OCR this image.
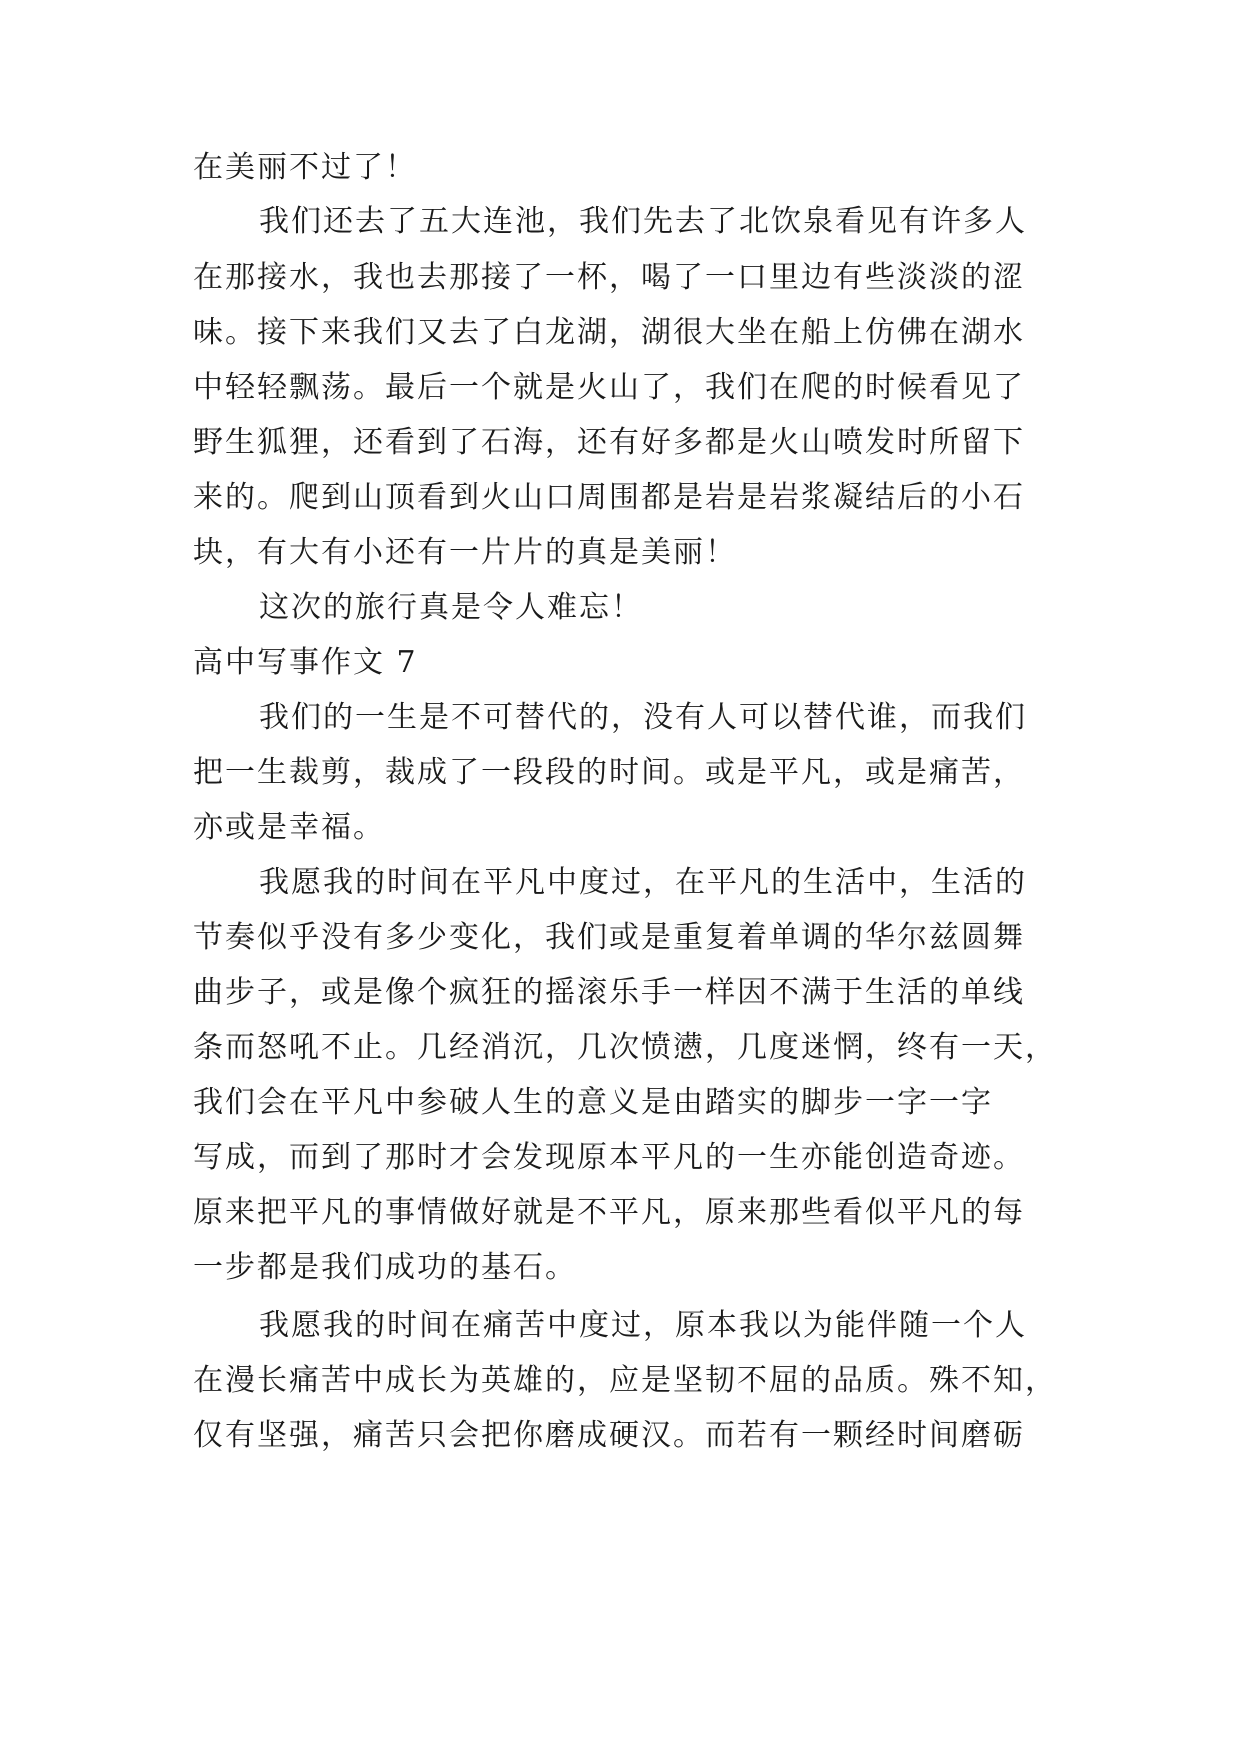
在美丽不过了！
我们还去了五大连池，我们先去了北饮泉看见有许多人
在那接水，我也去那接了一杯，喝了一口里边有些淡淡的涩
味。接下来我们又去了白龙湖，湖很大坐在船上仿佛在湖水
中轻轻飘荡。最后一个就是火山了，我们在爬的时候看见了
野生狐狸，还看到了石海，还有好多都是火山喷发时所留下
来的。爬到山顶看到火山口周围都是岩是岩浆凝结后的小石
块，有大有小还有一片片的真是美丽！
这次的旅行真是令人难忘！
高中写事作文 7
我们的一生是不可替代的，没有人可以替代谁，而我们
把一生裁剪，裁成了一段段的时间。或是平凡，或是痛苦，
亦或是幸福。
我愿我的时间在平凡中度过，在平凡的生活中，生活的
节奏似乎没有多少变化，我们或是重复着单调的华尔兹圆舞
曲步子，或是像个疯狂的摇滚乐手一样因不满于生活的单线
条而怒吼不止。几经消沉，几次愤懑，几度迷惘，终有一天，
我们会在平凡中参破人生的意义是由踏实的脚步一字一字
写成，而到了那时才会发现原本平凡的一生亦能创造奇迹。
原来把平凡的事情做好就是不平凡，原来那些看似平凡的每
一步都是我们成功的基石。
我愿我的时间在痛苦中度过，原本我以为能伴随一个人
在漫长痛苦中成长为英雄的，应是坚韧不屈的品质。殊不知，
仅有坚强，痛苦只会把你磨成硬汉。而若有一颗经时间磨砺
